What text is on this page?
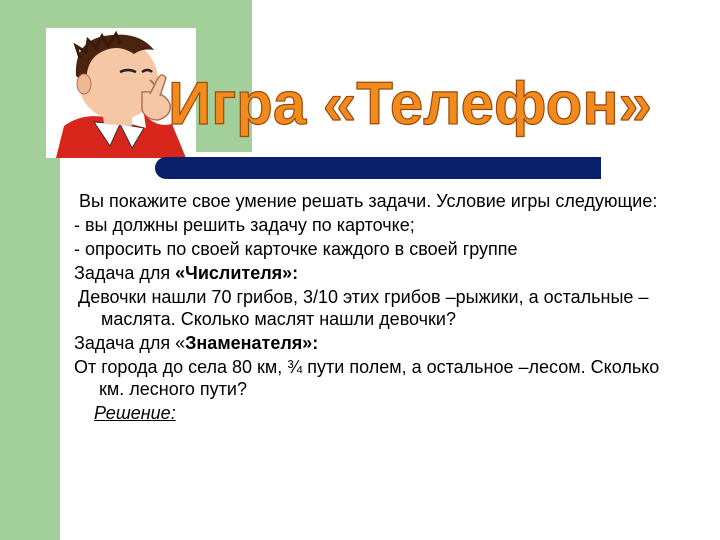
Игра «Телефон»

Вы покажите свое умение решать задачи. Условие игры следующие:

- вы должны решить задачу по карточке;

- опросить по своей карточке каждого в своей группе

Задача для «Числителя»:

Девочки нашли 70 грибов, 3/10 этих грибов –рыжики, а остальные –маслята. Сколько маслят нашли девочки?

Задача для «Знаменателя»:

От города до села 80 км, ¾ пути полем, а остальное –лесом. Сколько км. лесного пути?

Решение:
